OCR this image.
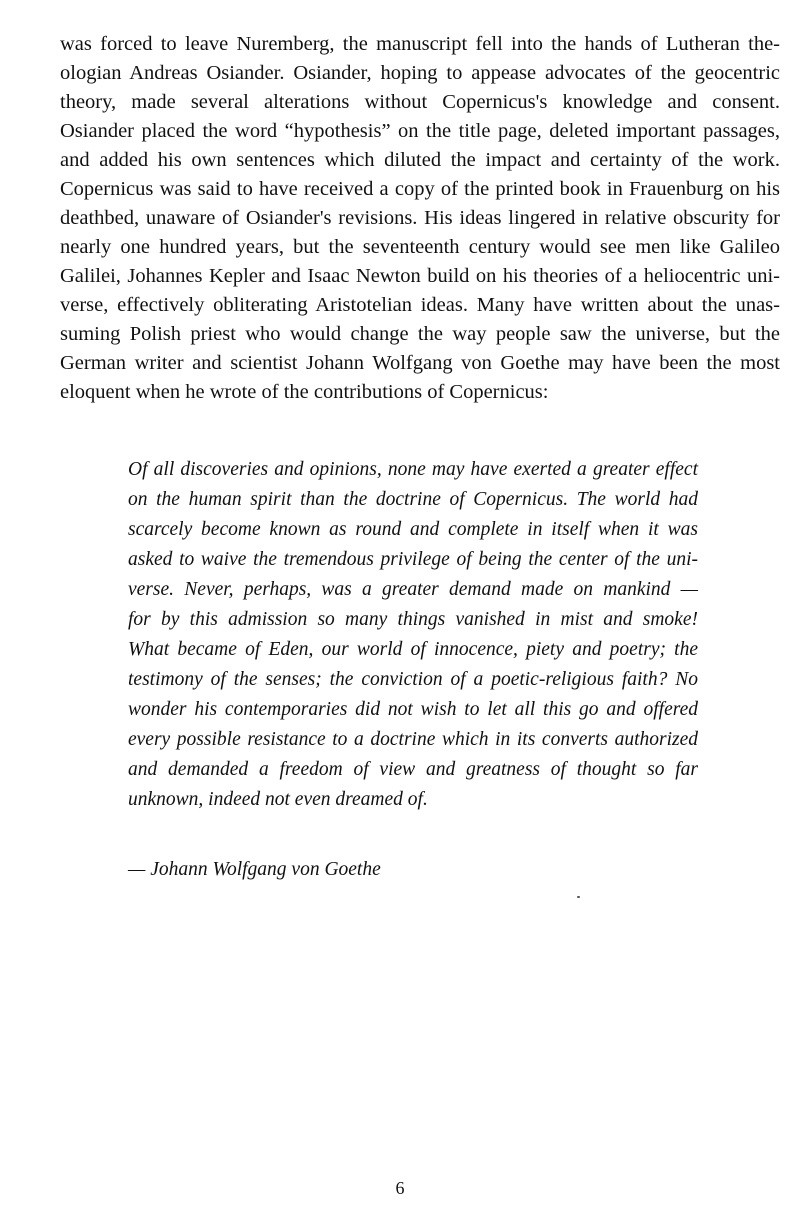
was forced to leave Nuremberg, the manuscript fell into the hands of Lutheran the-
ologian Andreas Osiander. Osiander, hoping to appease advocates of the geocentric
theory, made several alterations without Copernicus's knowledge and consent.
Osiander placed the word “hypothesis” on the title page, deleted important passages,
and added his own sentences which diluted the impact and certainty of the work.
Copernicus was said to have received a copy of the printed book in Frauenburg on his
deathbed, unaware of Osiander's revisions. His ideas lingered in relative obscurity for
nearly one hundred years, but the seventeenth century would see men like Galileo
Galilei, Johannes Kepler and Isaac Newton build on his theories of a heliocentric uni-
verse, effectively obliterating Aristotelian ideas. Many have written about the unas-
suming Polish priest who would change the way people saw the universe, but the
German writer and scientist Johann Wolfgang von Goethe may have been the most
eloquent when he wrote of the contributions of Copernicus:
Of all discoveries and opinions, none may have exerted a greater effect
on the human spirit than the doctrine of Copernicus. The world had
scarcely become known as round and complete in itself when it was
asked to waive the tremendous privilege of being the center of the uni-
verse. Never, perhaps, was a greater demand made on mankind —
for by this admission so many things vanished in mist and smoke!
What became of Eden, our world of innocence, piety and poetry; the
testimony of the senses; the conviction of a poetic-religious faith? No
wonder his contemporaries did not wish to let all this go and offered
every possible resistance to a doctrine which in its converts authorized
and demanded a freedom of view and greatness of thought so far
unknown, indeed not even dreamed of.
— Johann Wolfgang von Goethe
6
